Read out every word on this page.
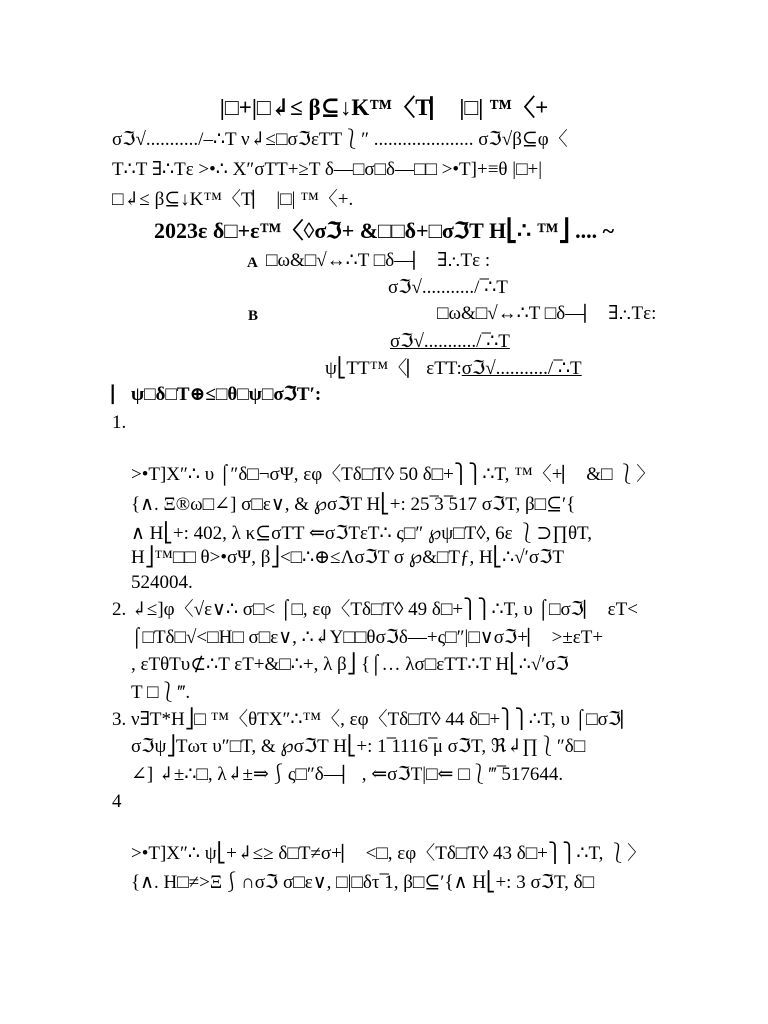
|□+|□↲≤ β⊆↓K™〈T⎸ |□| ™〈+
σℑ√.........../–∴T ν↲≤□σℑεTT⎱″ ..................... σℑ√β⊆φ〈
T∴T ∃∴Tε >•∴ X″σTT+≥T δ—□σ□δ—□□ >•T]+≡θ |□+|
□↲≤ β⊆↓K™〈T⎸ |□| ™〈+.
2023ε δ□+ε™〈◊σℑ+ &□□δ+□σℑT H⎣∴ ™⎦ .... ~
A □ω&□√↔∴T □δ—⎸ ∃∴Tε :
σℑ√.........../ ̅∴T
B	□ω&□√↔∴T □δ—⎸ ∃∴Tε:
σℑ√.........../ ̅∴T
ψ⎣TT™〈⎸εTT:σℑ√.........../ ̅∴T
⎸ψ□δ□T⊕≤□θ□ψ□σℑT′:
1.
>•T]X″∴ υ ⌠″δ□¬σΨ, εφ〈Tδ□T◊ 50 δ□+⎫⎫∴T, ™〈+⎸ &□ ⎱〉
{∧. Ξ®ω□∠] σ□ε∨, & ℘σℑT H⎣+: 25 ̅3 ̅517 σℑT, β□⊆′{
∧ H⎣+: 402, λ κ⊆σTT ⇐σℑTεT∴ ς□″ ℘ψ□T◊, 6ε ⎱⊃∏θT,
H⎦™□□ θ>•σΨ, β⎦<□∴⊕≤ΛσℑT σ ℘&□Tƒ, H⎣∴√′σℑT
524004.
2. ↲≤]φ〈√ε∨∴ σ□< ⌠□, εφ〈Tδ□T◊ 49 δ□+⎫⎫∴T, υ ⌠□σℑ⎸ εT<
⌠□Tδ□√<□H□ σ□ε∨, ∴↲Υ□□θσℑδ—+ς□″|□∨σℑ+⎸ >±εT+
, εTθTυ⊄∴T εT+&□∴+, λ β⎦ {⌠… λσ□εTT∴T H⎣∴√′σℑ
T □⎱‴.
3. ν∃T*H⎦□ ™〈θTX″∴™〈, εφ〈Tδ□T◊ 44 δ□+⎫⎫∴T, υ ⌠□σℑ⎸
σℑψ⎦Tωτ υ″□T, & ℘σℑT H⎣+: 1 ̅1116 ̅μ σℑT, ℜ↲∏⎱″δ□
∠] ↲±∴□, λ↲±⇒⎰ς□″δ—⎸, ⇐σℑT|□⇐ □⎱‴ ̅517644.
4
>•T]X″∴ ψ⎣+↲≤≥ δ□T≠σ+⎸ <□, εφ〈Tδ□T◊ 43 δ□+⎫⎫∴T, ⎱〉
{∧. H□≠>Ξ⎰∩σℑ σ□ε∨, □|□δτ ̅1, β□⊆′{∧ H⎣+: 3 σℑT, δ□
